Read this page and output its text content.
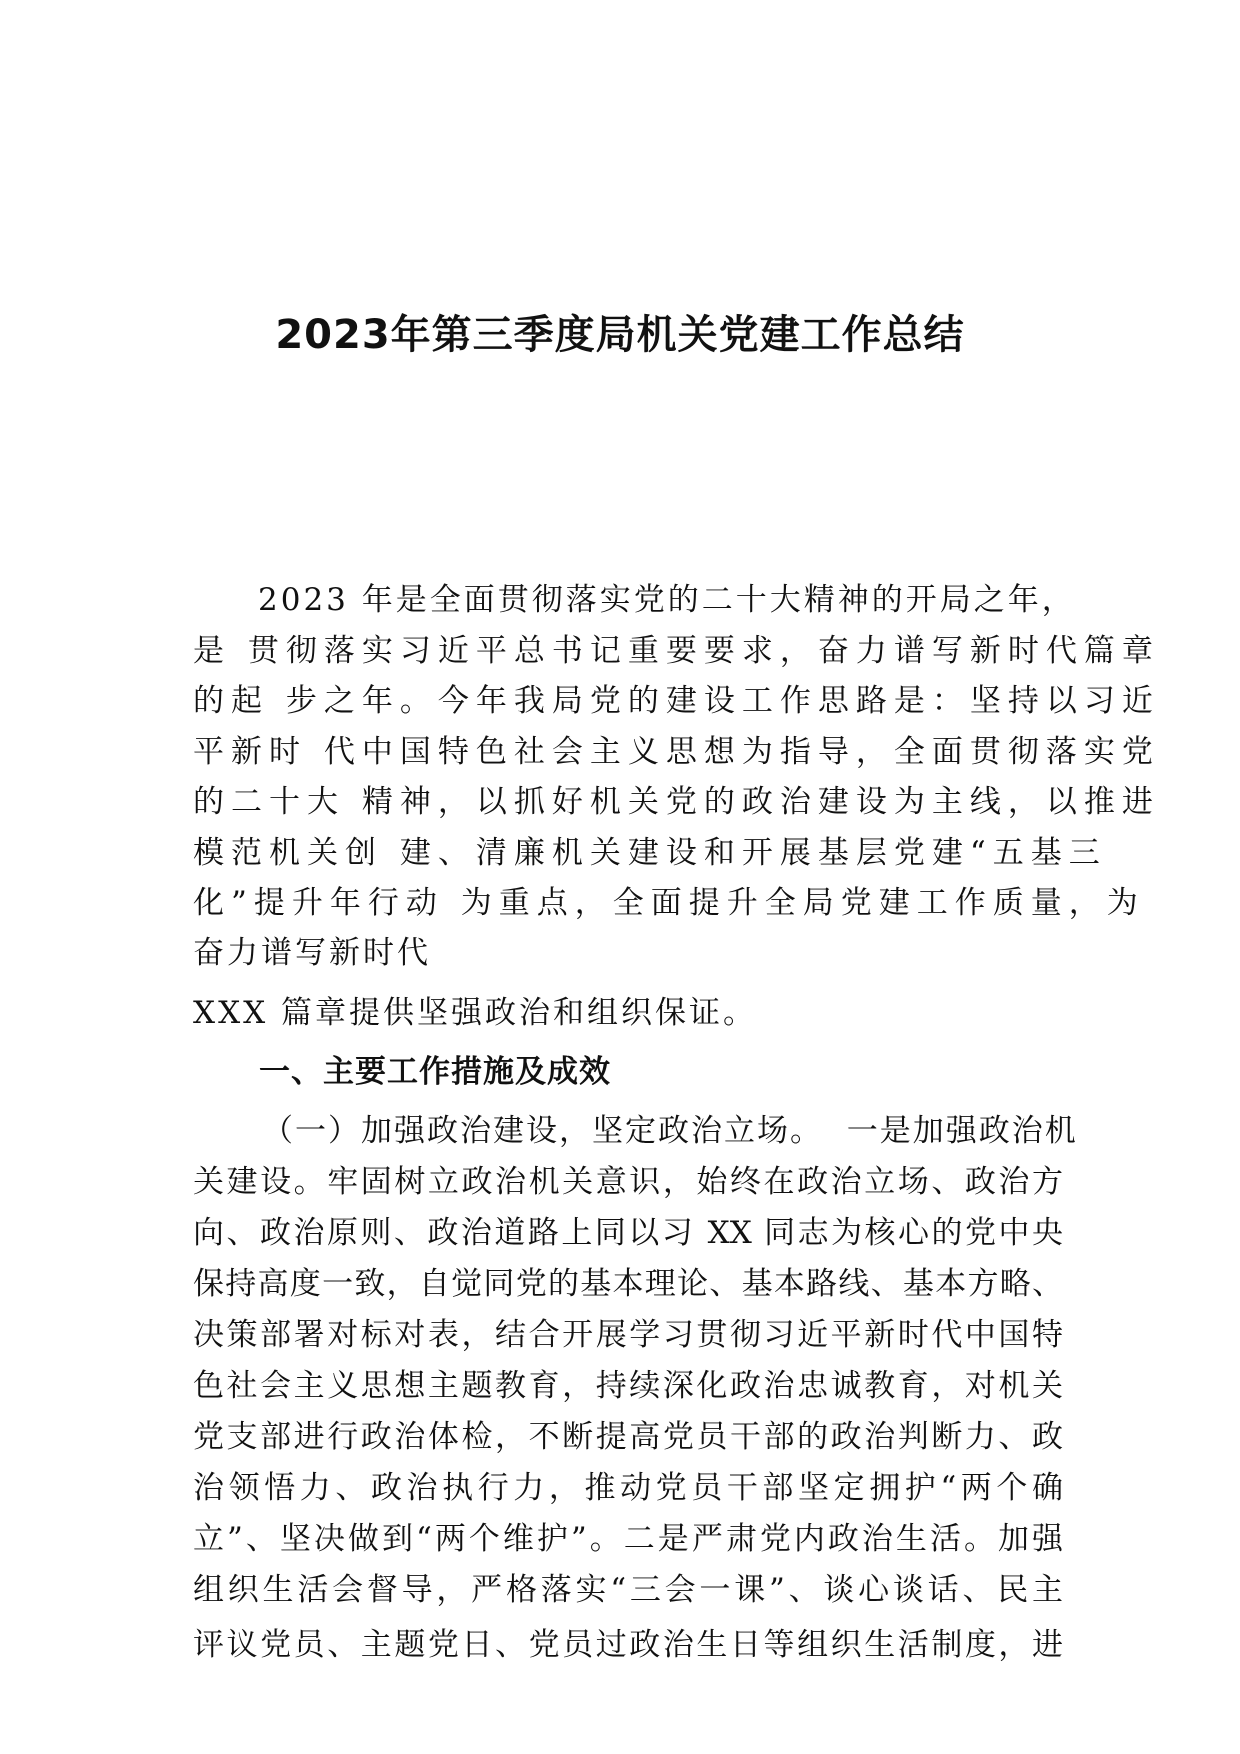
2023年第三季度局机关党建工作总结

2023 年是全面贯彻落实党的二十大精神的开局之年，

是 贯彻落实习近平总书记重要要求，奋力谱写新时代篇章

的起 步之年。今年我局党的建设工作思路是：坚持以习近

平新时 代中国特色社会主义思想为指导，全面贯彻落实党

的二十大 精神，以抓好机关党的政治建设为主线，以推进

模范机关创 建、清廉机关建设和开展基层党建“五基三

化”提升年行动 为重点，全面提升全局党建工作质量，为

奋力谱写新时代

XXX 篇章提供坚强政治和组织保证。

一、主要工作措施及成效

（一）加强政治建设，坚定政治立场。  一是加强政治机

关建设。牢固树立政治机关意识，始终在政治立场、政治方

向、政治原则、政治道路上同以习 XX 同志为核心的党中央

保持高度一致，自觉同党的基本理论、基本路线、基本方略、

决策部署对标对表，结合开展学习贯彻习近平新时代中国特

色社会主义思想主题教育，持续深化政治忠诚教育，对机关

党支部进行政治体检，不断提高党员干部的政治判断力、政

治领悟力、政治执行力，推动党员干部坚定拥护“两个确

立”、坚决做到“两个维护”。二是严肃党内政治生活。加强

组织生活会督导，严格落实“三会一课”、谈心谈话、民主

评议党员、主题党日、党员过政治生日等组织生活制度，进
